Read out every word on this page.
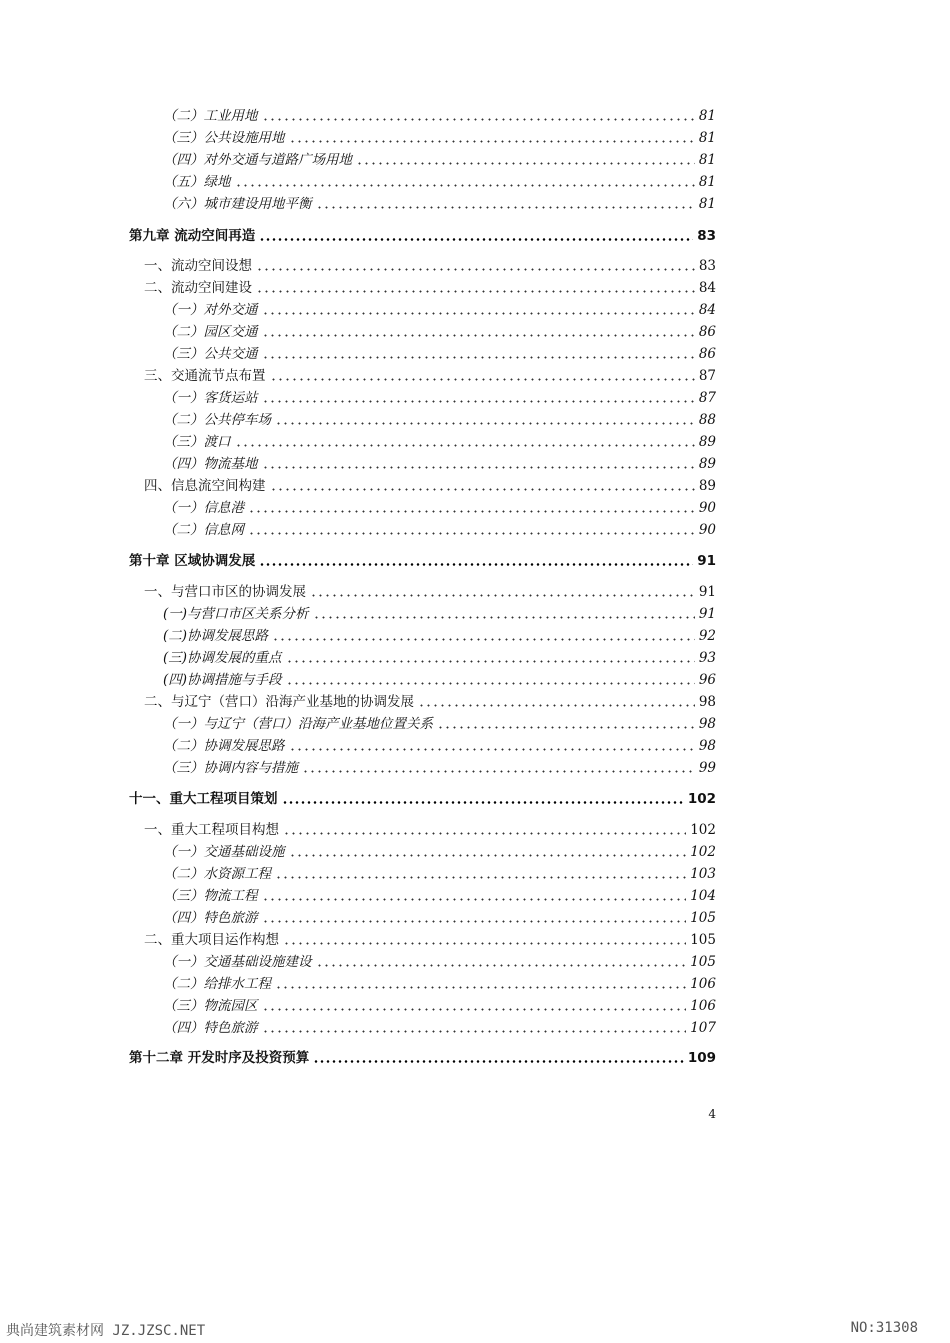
（二）工业用地	81
（三）公共设施用地	81
（四）对外交通与道路广场用地	81
（五）绿地	81
（六）城市建设用地平衡	81
第九章 流动空间再造	83
一、流动空间设想	83
二、流动空间建设	84
（一）对外交通	84
（二）园区交通	86
（三）公共交通	86
三、交通流节点布置	87
（一）客货运站	87
（二）公共停车场	88
（三）渡口	89
（四）物流基地	89
四、信息流空间构建	89
（一）信息港	90
（二）信息网	90
第十章 区域协调发展	91
一、与营口市区的协调发展	91
(一)与营口市区关系分析	91
(二)协调发展思路	92
(三)协调发展的重点	93
(四)协调措施与手段	96
二、与辽宁（营口）沿海产业基地的协调发展	98
（一）与辽宁（营口）沿海产业基地位置关系	98
（二）协调发展思路	98
（三）协调内容与措施	99
十一、重大工程项目策划	102
一、重大工程项目构想	102
（一）交通基础设施	102
（二）水资源工程	103
（三）物流工程	104
（四）特色旅游	105
二、重大项目运作构想	105
（一）交通基础设施建设	105
（二）给排水工程	106
（三）物流园区	106
（四）特色旅游	107
第十二章 开发时序及投资预算	109
4
典尚建筑素材网 JZ.JZSC.NET	NO:31308
